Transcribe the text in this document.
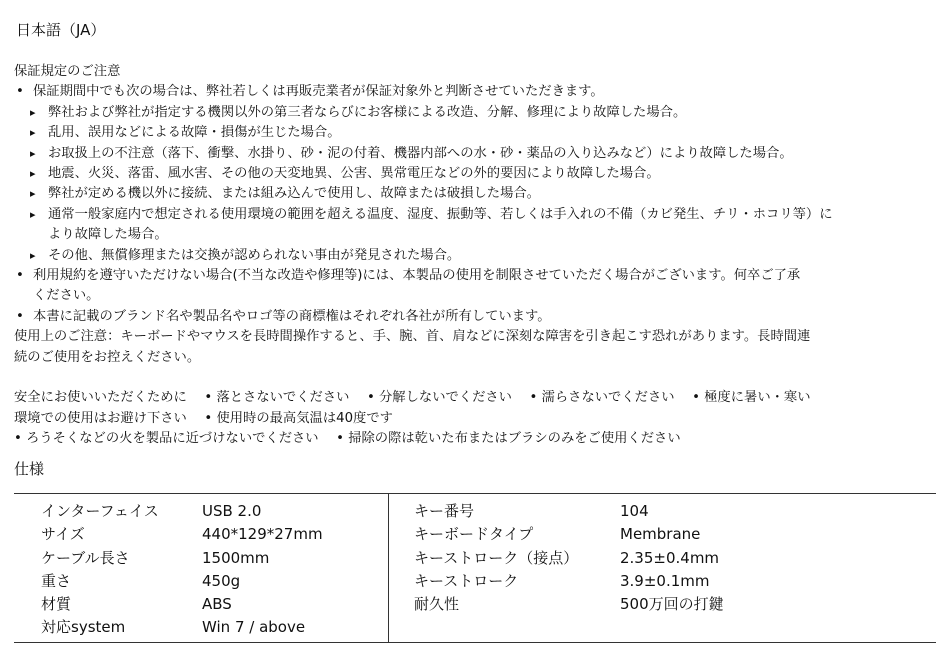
日本語（JA）
保証規定のご注意
• 保証期間中でも次の場合は、弊社若しくは再販売業者が保証対象外と判断させていただきます。
▸ 弊社および弊社が指定する機関以外の第三者ならびにお客様による改造、分解、修理により故障した場合。
▸ 乱用、誤用などによる故障・損傷が生じた場合。
▸ お取扱上の不注意（落下、衝撃、水掛り、砂・泥の付着、機器内部への水・砂・薬品の入り込みなど）により故障した場合。
▸ 地震、火災、落雷、風水害、その他の天変地異、公害、異常電圧などの外的要因により故障した場合。
▸ 弊社が定める機以外に接続、または組み込んで使用し、故障または破損した場合。
▸ 通常一般家庭内で想定される使用環境の範囲を超える温度、湿度、振動等、若しくは手入れの不備（カビ発生、チリ・ホコリ等）に
より故障した場合。
▸ その他、無償修理または交換が認められない事由が発見された場合。
• 利用規約を遵守いただけない場合(不当な改造や修理等)には、本製品の使用を制限させていただく場合がございます。何卒ご了承
ください。
• 本書に記載のブランド名や製品名やロゴ等の商標権はそれぞれ各社が所有しています。
使用上のご注意：キーボードやマウスを長時間操作すると、手、腕、首、肩などに深刻な障害を引き起こす恐れがあります。長時間連
続のご使用をお控えください。
安全にお使いいただくために　 • 落とさないでください　 • 分解しないでください　 • 濡らさないでください　 • 極度に暑い・寒い
環境での使用はお避け下さい　 • 使用時の最高気温は40度です
• ろうそくなどの火を製品に近づけないでください　 • 掃除の際は乾いた布またはブラシのみをご使用ください
仕様
インターフェイス
サイズ
ケーブル長さ
重さ
材質
対応system
USB 2.0
440*129*27mm
1500mm
450g
ABS
Win 7 / above
キー番号
キーボードタイプ
キーストローク（接点）
キーストローク
耐久性
104
Membrane
2.35±0.4mm
3.9±0.1mm
500万回の打鍵
